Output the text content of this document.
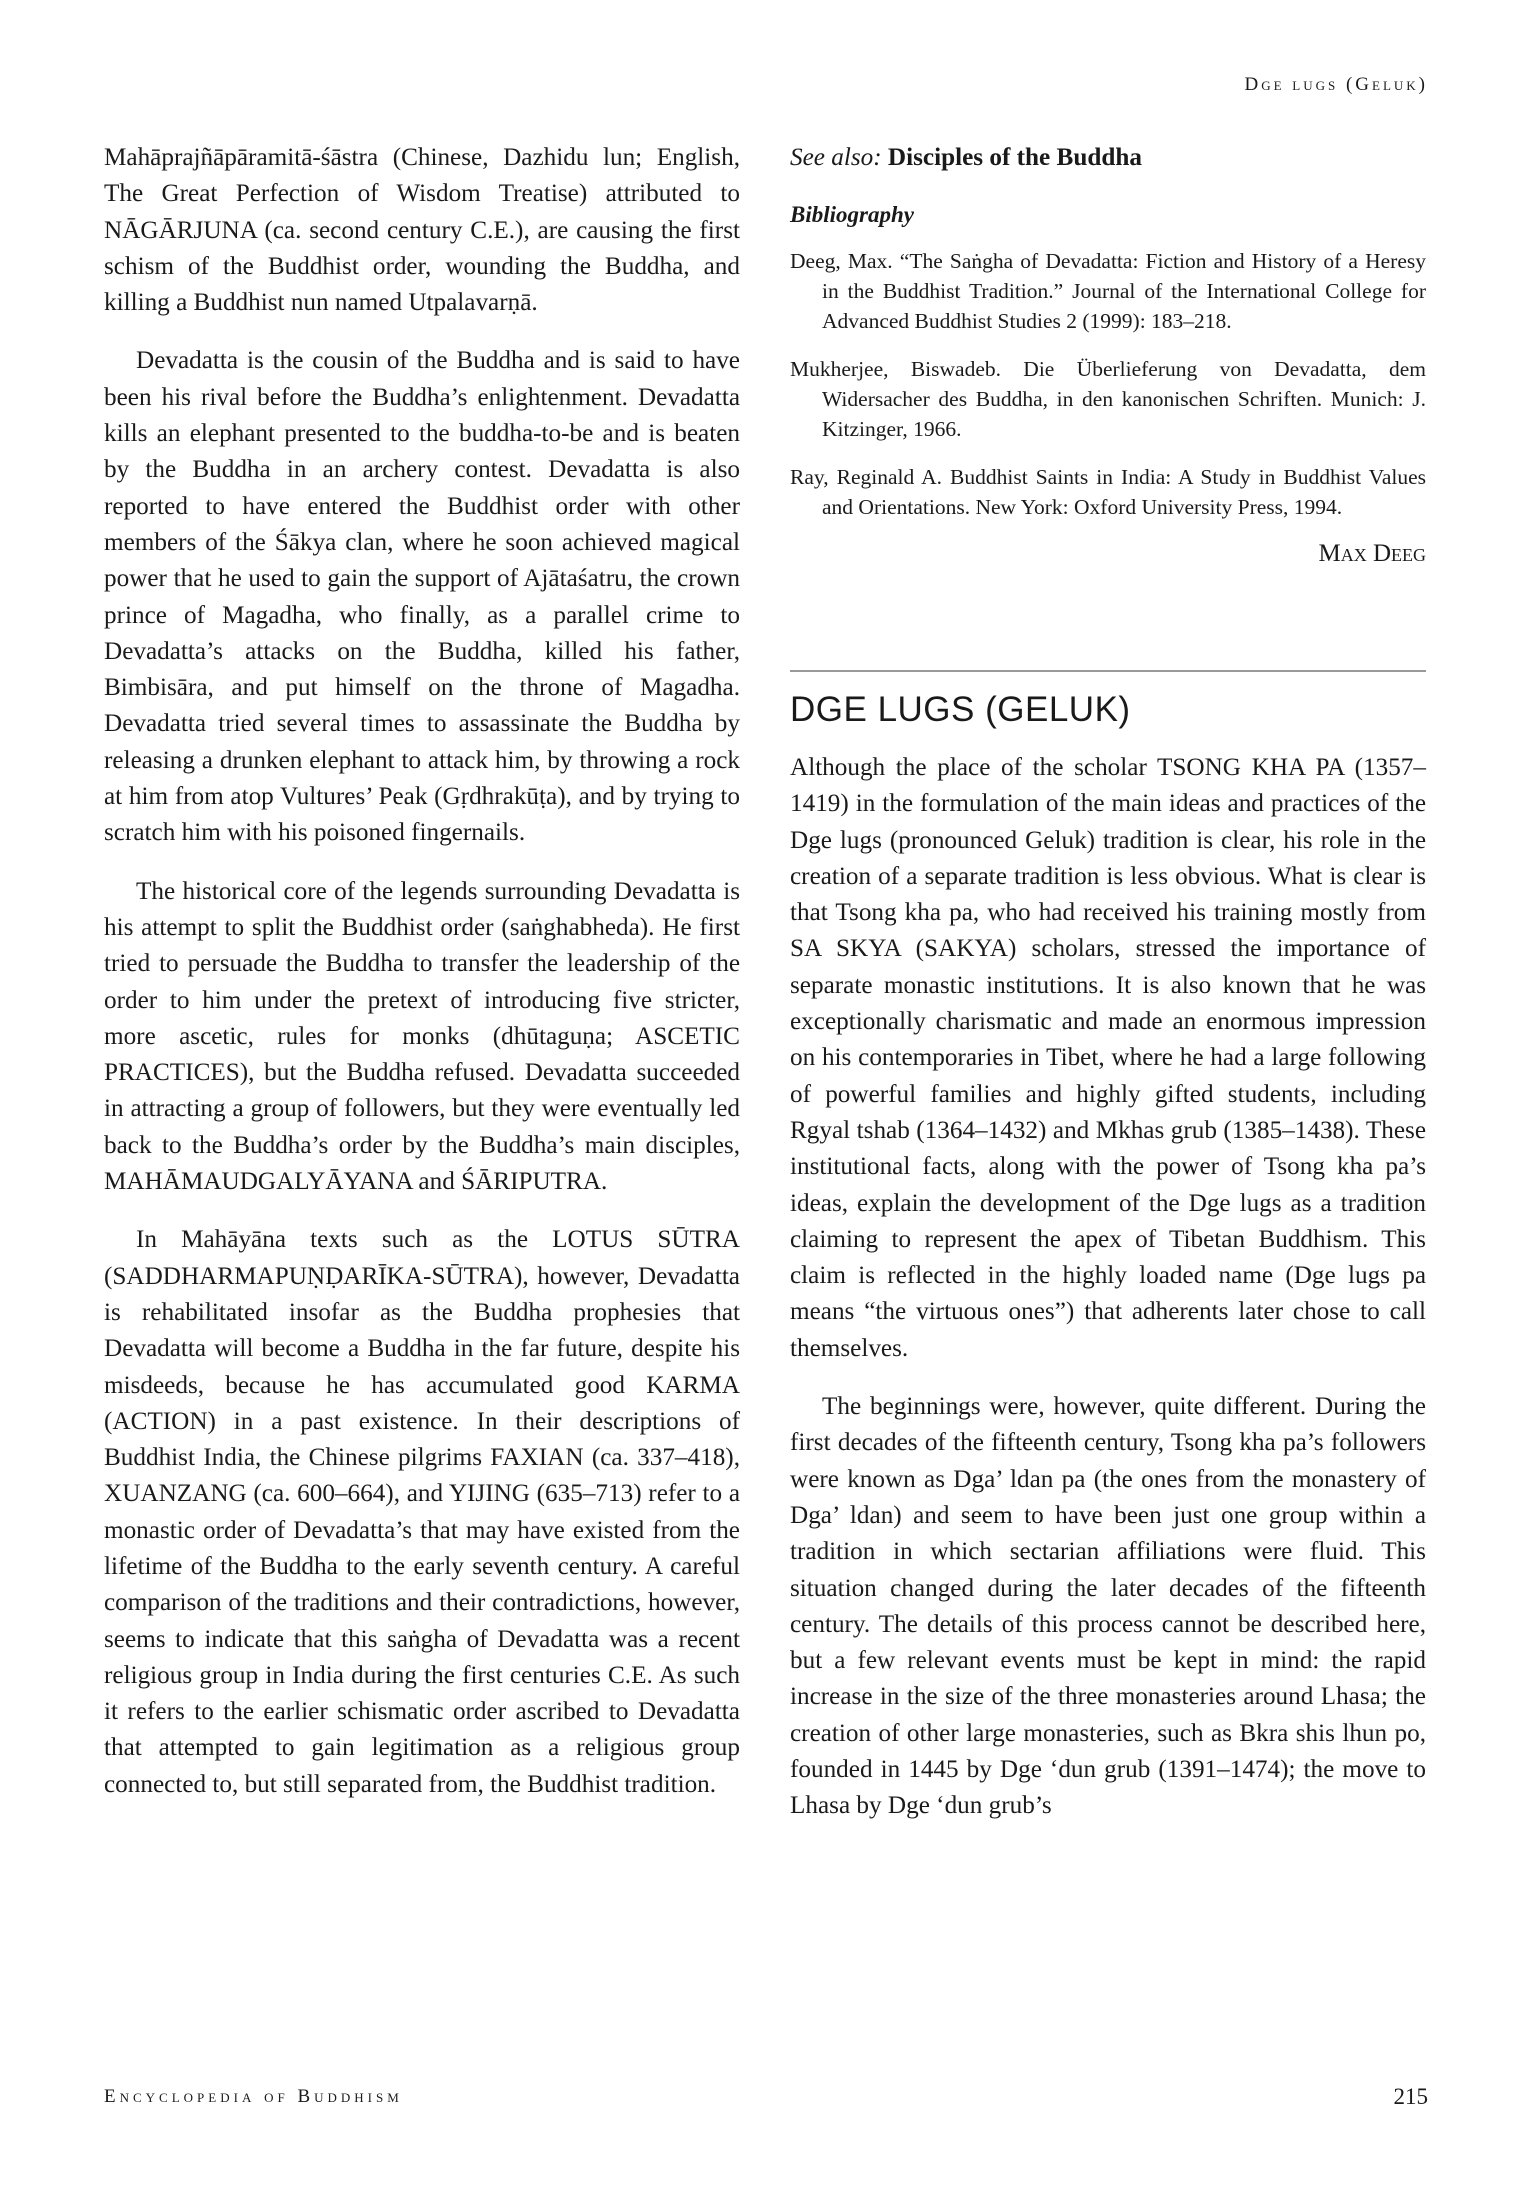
Dge lugs (Geluk)

Mahāprajñāpāramitā-śāstra (Chinese, Dazhidu lun; English, The Great Perfection of Wisdom Treatise) attributed to NĀGĀRJUNA (ca. second century C.E.), are causing the first schism of the Buddhist order, wounding the Buddha, and killing a Buddhist nun named Utpalavarṇā.

Devadatta is the cousin of the Buddha and is said to have been his rival before the Buddha’s enlightenment. Devadatta kills an elephant presented to the buddha-to-be and is beaten by the Buddha in an archery contest. Devadatta is also reported to have entered the Buddhist order with other members of the Śākya clan, where he soon achieved magical power that he used to gain the support of Ajātaśatru, the crown prince of Magadha, who finally, as a parallel crime to Devadatta’s attacks on the Buddha, killed his father, Bimbisāra, and put himself on the throne of Magadha. Devadatta tried several times to assassinate the Buddha by releasing a drunken elephant to attack him, by throwing a rock at him from atop Vultures’ Peak (Gṛdhrakūṭa), and by trying to scratch him with his poisoned fingernails.

The historical core of the legends surrounding Devadatta is his attempt to split the Buddhist order (saṅghabheda). He first tried to persuade the Buddha to transfer the leadership of the order to him under the pretext of introducing five stricter, more ascetic, rules for monks (dhūtaguṇa; ASCETIC PRACTICES), but the Buddha refused. Devadatta succeeded in attracting a group of followers, but they were eventually led back to the Buddha’s order by the Buddha’s main disciples, MAHĀMAUDGALYĀYANA and ŚĀRIPUTRA.

In Mahāyāna texts such as the LOTUS SŪTRA (SADDHARMAPUṆḌARĪKA-SŪTRA), however, Devadatta is rehabilitated insofar as the Buddha prophesies that Devadatta will become a Buddha in the far future, despite his misdeeds, because he has accumulated good KARMA (ACTION) in a past existence. In their descriptions of Buddhist India, the Chinese pilgrims FAXIAN (ca. 337–418), XUANZANG (ca. 600–664), and YIJING (635–713) refer to a monastic order of Devadatta’s that may have existed from the lifetime of the Buddha to the early seventh century. A careful comparison of the traditions and their contradictions, however, seems to indicate that this saṅgha of Devadatta was a recent religious group in India during the first centuries C.E. As such it refers to the earlier schismatic order ascribed to Devadatta that attempted to gain legitimation as a religious group connected to, but still separated from, the Buddhist tradition.

See also: Disciples of the Buddha
Bibliography
Deeg, Max. “The Saṅgha of Devadatta: Fiction and History of a Heresy in the Buddhist Tradition.” Journal of the International College for Advanced Buddhist Studies 2 (1999): 183–218.
Mukherjee, Biswadeb. Die Überlieferung von Devadatta, dem Widersacher des Buddha, in den kanonischen Schriften. Munich: J. Kitzinger, 1966.
Ray, Reginald A. Buddhist Saints in India: A Study in Buddhist Values and Orientations. New York: Oxford University Press, 1994.
Max Deeg
DGE LUGS (GELUK)

Although the place of the scholar TSONG KHA PA (1357–1419) in the formulation of the main ideas and practices of the Dge lugs (pronounced Geluk) tradition is clear, his role in the creation of a separate tradition is less obvious. What is clear is that Tsong kha pa, who had received his training mostly from SA SKYA (SAKYA) scholars, stressed the importance of separate monastic institutions. It is also known that he was exceptionally charismatic and made an enormous impression on his contemporaries in Tibet, where he had a large following of powerful families and highly gifted students, including Rgyal tshab (1364–1432) and Mkhas grub (1385–1438). These institutional facts, along with the power of Tsong kha pa’s ideas, explain the development of the Dge lugs as a tradition claiming to represent the apex of Tibetan Buddhism. This claim is reflected in the highly loaded name (Dge lugs pa means “the virtuous ones”) that adherents later chose to call themselves.

The beginnings were, however, quite different. During the first decades of the fifteenth century, Tsong kha pa’s followers were known as Dga’ ldan pa (the ones from the monastery of Dga’ ldan) and seem to have been just one group within a tradition in which sectarian affiliations were fluid. This situation changed during the later decades of the fifteenth century. The details of this process cannot be described here, but a few relevant events must be kept in mind: the rapid increase in the size of the three monasteries around Lhasa; the creation of other large monasteries, such as Bkra shis lhun po, founded in 1445 by Dge ‘dun grub (1391–1474); the move to Lhasa by Dge ‘dun grub’s

Encyclopedia of Buddhism	215
